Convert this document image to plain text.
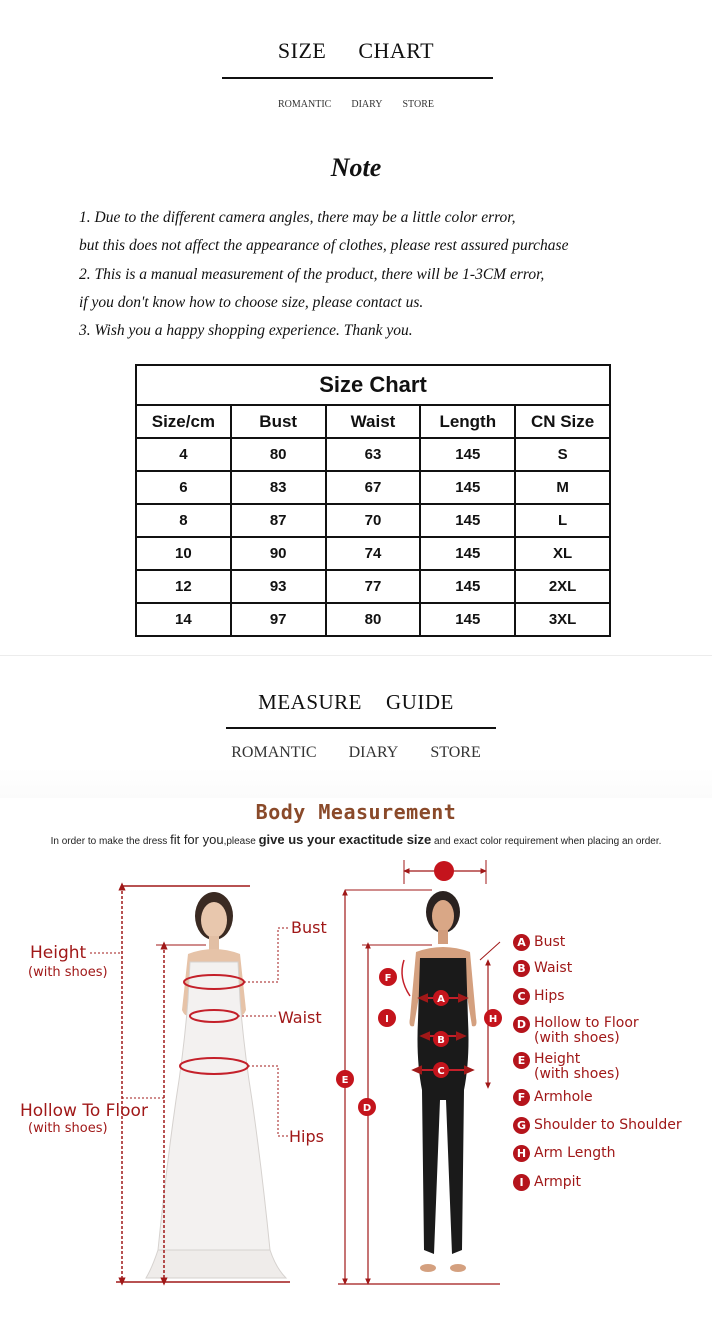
SIZE CHART
ROMANTIC DIARY STORE
Note
1. Due to the different camera angles, there may be a little color error,
but this does not affect the appearance of clothes, please rest assured purchase
2. This is a manual measurement of the product, there will be 1-3CM error,
if you don't know how to choose size, please contact us.
3. Wish you a happy shopping experience. Thank you.
Size Chart				
Size/cm	Bust	Waist	Length	CN Size
4	80	63	145	S
6	83	67	145	M
8	87	70	145	L
10	90	74	145	XL
12	93	77	145	2XL
14	97	80	145	3XL
MEASURE GUIDE
ROMANTIC DIARY STORE
Body Measurement
In order to make the dress fit for you,please give us your exactitude size and exact color requirement when placing an order.
Height
(with shoes)
Hollow To Floor
(with shoes)
Bust
Waist
Hips
A
B
C
D
E
F
H
I
A Bust
B Waist
C Hips
D Hollow to Floor
(with shoes)
E Height
(with shoes)
F Armhole
G Shoulder to Shoulder
H Arm Length
I Armpit
